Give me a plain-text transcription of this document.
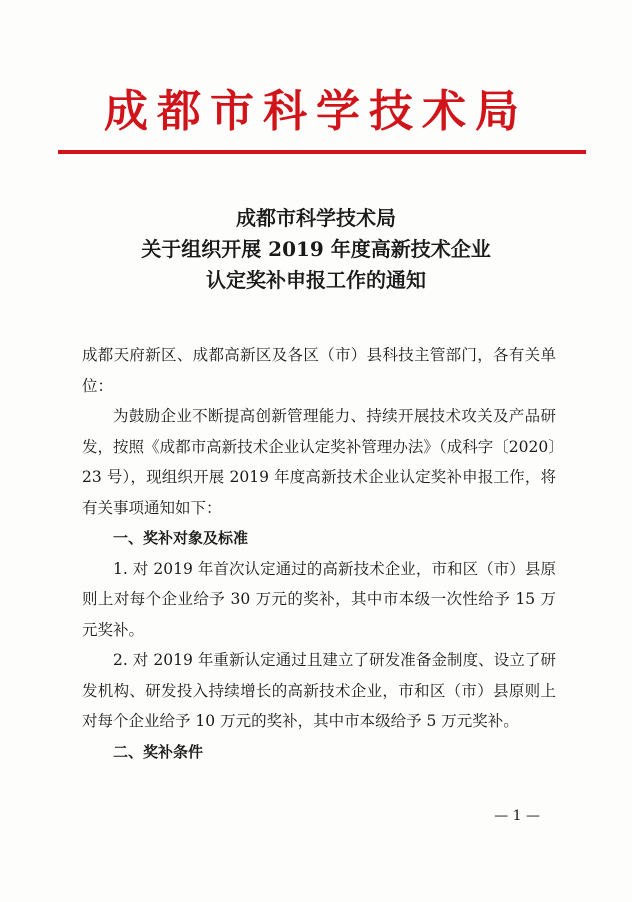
成都市科学技术局
成都市科学技术局
关于组织开展 2019 年度高新技术企业
认定奖补申报工作的通知

成都天府新区、成都高新区及各区（市）县科技主管部门，各有关单位：

为鼓励企业不断提高创新管理能力、持续开展技术攻关及产品研发，按照《成都市高新技术企业认定奖补管理办法》（成科字〔2020〕23 号），现组织开展 2019 年度高新技术企业认定奖补申报工作，将有关事项通知如下：

一、奖补对象及标准

1. 对 2019 年首次认定通过的高新技术企业，市和区（市）县原则上对每个企业给予 30 万元的奖补，其中市本级一次性给予 15 万元奖补。

2. 对 2019 年重新认定通过且建立了研发准备金制度、设立了研发机构、研发投入持续增长的高新技术企业，市和区（市）县原则上对每个企业给予 10 万元的奖补，其中市本级给予 5 万元奖补。

二、奖补条件

— 1 —
